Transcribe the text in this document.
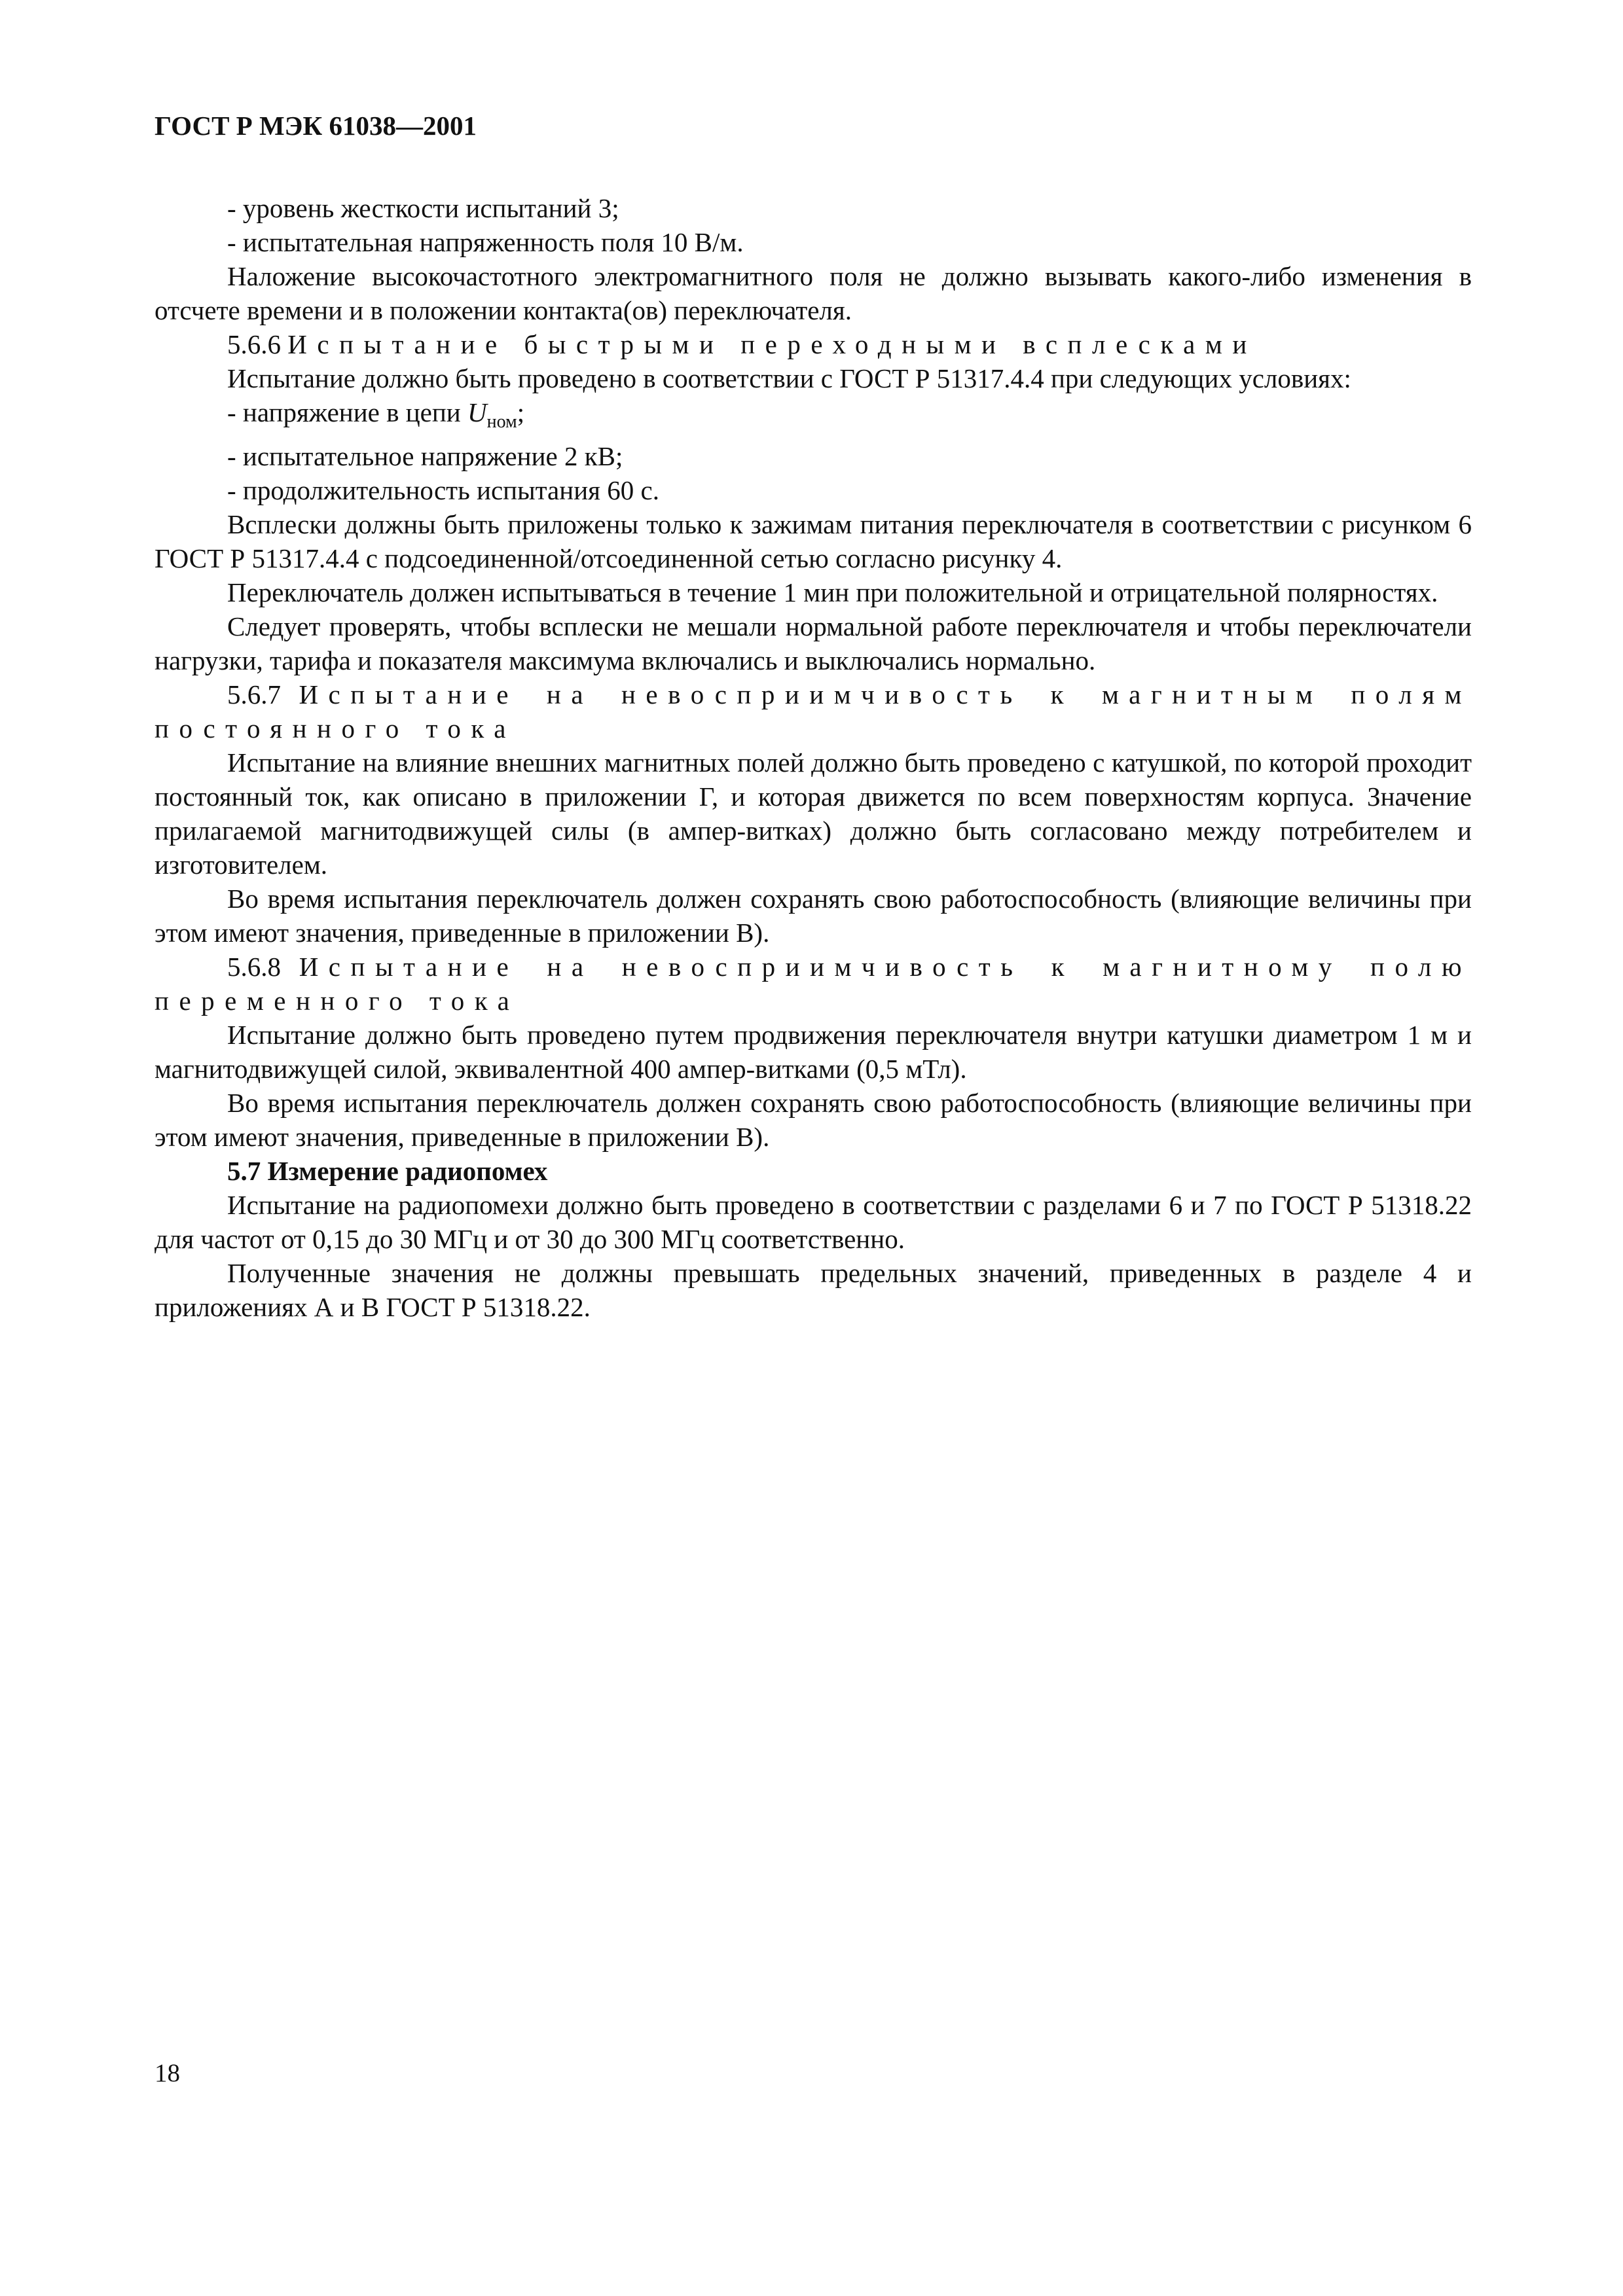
ГОСТ Р МЭК 61038—2001

- уровень жесткости испытаний 3;

- испытательная напряженность поля 10 В/м.

Наложение высокочастотного электромагнитного поля не должно вызывать какого-либо изменения в отсчете времени и в положении контакта(ов) переключателя.

5.6.6 Испытание быстрыми переходными всплесками

Испытание должно быть проведено в соответствии с ГОСТ Р 51317.4.4 при следующих условиях:

- напряжение в цепи $U_{ном}$;

- испытательное напряжение 2 кВ;

- продолжительность испытания 60 с.

Всплески должны быть приложены только к зажимам питания переключателя в соответствии с рисунком 6 ГОСТ Р 51317.4.4 с подсоединенной/отсоединенной сетью согласно рисунку 4.

Переключатель должен испытываться в течение 1 мин при положительной и отрицательной полярностях.

Следует проверять, чтобы всплески не мешали нормальной работе переключателя и чтобы переключатели нагрузки, тарифа и показателя максимума включались и выключались нормально.

5.6.7 Испытание на невосприимчивость к магнитным полям постоянного тока

Испытание на влияние внешних магнитных полей должно быть проведено с катушкой, по которой проходит постоянный ток, как описано в приложении Г, и которая движется по всем поверхностям корпуса. Значение прилагаемой магнитодвижущей силы (в ампер-витках) должно быть согласовано между потребителем и изготовителем.

Во время испытания переключатель должен сохранять свою работоспособность (влияющие величины при этом имеют значения, приведенные в приложении В).

5.6.8 Испытание на невосприимчивость к магнитному полю переменного тока

Испытание должно быть проведено путем продвижения переключателя внутри катушки диаметром 1 м и магнитодвижущей силой, эквивалентной 400 ампер-витками (0,5 мТл).

Во время испытания переключатель должен сохранять свою работоспособность (влияющие величины при этом имеют значения, приведенные в приложении В).

5.7 Измерение радиопомех

Испытание на радиопомехи должно быть проведено в соответствии с разделами 6 и 7 по ГОСТ Р 51318.22 для частот от 0,15 до 30 МГц и от 30 до 300 МГц соответственно.

Полученные значения не должны превышать предельных значений, приведенных в разделе 4 и приложениях А и В ГОСТ Р 51318.22.

18
